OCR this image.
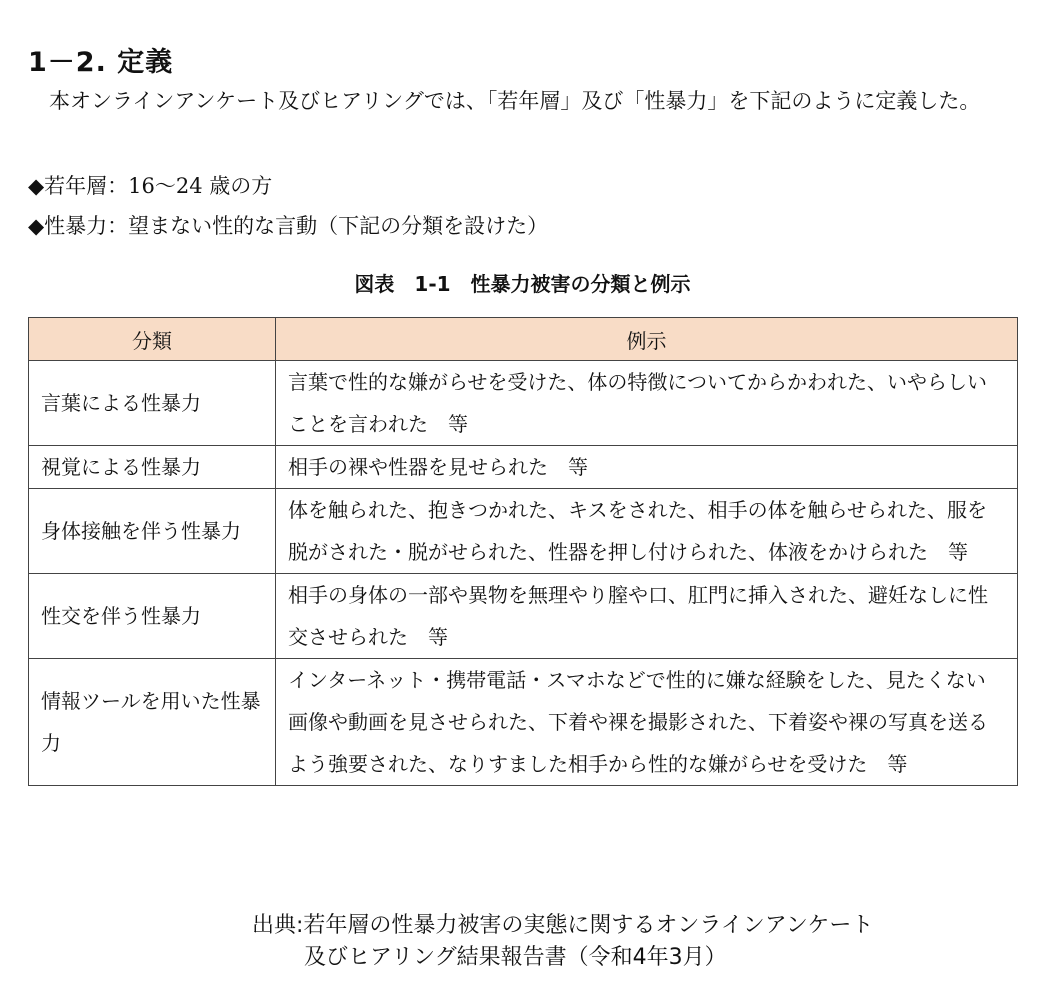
1－2. 定義
本オンラインアンケート及びヒアリングでは、「若年層」及び「性暴力」を下記のように定義した。
◆若年層：16～24 歳の方
◆性暴力：望まない性的な言動（下記の分類を設けた）
図表　1‐1　性暴力被害の分類と例示
分類	例示
言葉による性暴力	言葉で性的な嫌がらせを受けた、体の特徴についてからかわれた、いやらしいことを言われた　等
視覚による性暴力	相手の裸や性器を見せられた　等
身体接触を伴う性暴力	体を触られた、抱きつかれた、キスをされた、相手の体を触らせられた、服を脱がされた・脱がせられた、性器を押し付けられた、体液をかけられた　等
性交を伴う性暴力	相手の身体の一部や異物を無理やり膣や口、肛門に挿入された、避妊なしに性交させられた　等
情報ツールを用いた性暴力	インターネット・携帯電話・スマホなどで性的に嫌な経験をした、見たくない画像や動画を見させられた、下着や裸を撮影された、下着姿や裸の写真を送るよう強要された、なりすました相手から性的な嫌がらせを受けた　等
出典:若年層の性暴力被害の実態に関するオンラインアンケート
及びヒアリング結果報告書（令和4年3月）
